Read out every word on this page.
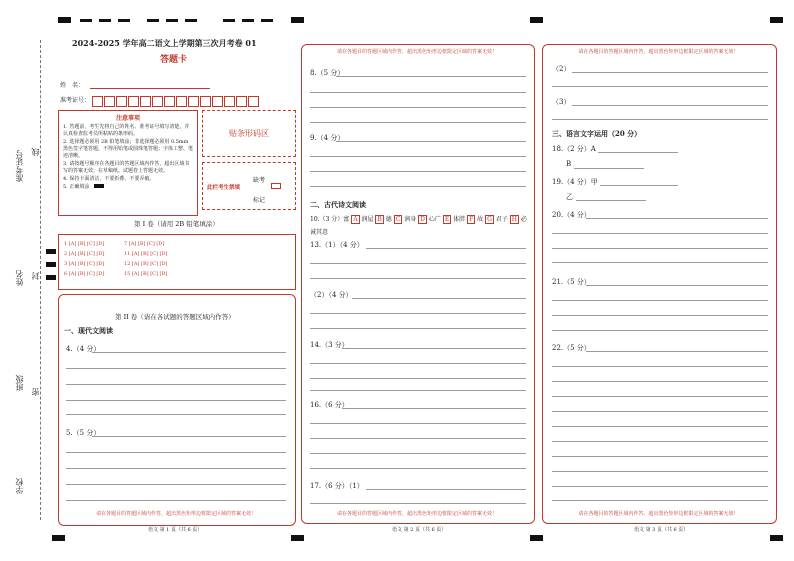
准考证号 线
姓名 封
班级
密
学校
2024-2025 学年高二语文上学期第三次月考卷 01
答题卡
姓　名：
准考证号：
注意事项
1. 答题前，考生先将自己的姓名、准考证号填写清楚，并认真检查监考员所粘贴的条形码。
2. 选择题必须用 2B 铅笔填涂；非选择题必须用 0.5mm 黑色签字笔答题，不得用铅笔或圆珠笔答题；字体工整、笔迹清晰。
3. 请按题号顺序在各题目的答题区域内作答，超出区域书写的答案无效；在草稿纸、试题卷上答题无效。
4. 保持卡面清洁，不要折叠、不要弄破。
5. 正确填涂
贴条形码区
此栏考生禁填
缺考
标记
第 I 卷（请用 2B 铅笔填涂）
1 [A] [B] [C] [D]
2 [A] [B] [C] [D]
3 [A] [B] [C] [D]
6 [A] [B] [C] [D]
7 [A] [B] [C] [D]
11 [A] [B] [C] [D]
12 [A] [B] [C] [D]
15 [A] [B] [C] [D]
第 II 卷（请在各试题的答题区域内作答）
一、现代文阅读
4.（4 分）
5.（5 分）
请在各题目的答题区域内作答，超出黑色矩形边框限定区域的答案无效！
语文 第 1 页（共 6 页）
请在各题目的答题区域内作答，超出黑色矩形边框限定区域的答案无效！
8.（5 分）
9.（4 分）
二、古代诗文阅读
10.（3 分）富 A 润屋 B 德 C 润身 D 心广 E 体胖 F 故 G 君子 H 必
诚其意
13.（1）（4 分）
（2）（4 分）
14.（3 分）
16.（6 分）
17.（6 分）（1）
请在各题目的答题区域内作答，超出黑色矩形边框限定区域的答案无效！
语文 第 2 页（共 6 页）
请在各题目的答题区域内作答，超出黑色矩形边框限定区域的答案无效！
（2）
（3）
三、语言文字运用（20 分）
18.（2 分）A
B
19.（4 分）甲
乙
20.（4 分）
21.（5 分）
22.（5 分）
请在各题目的答题区域内作答，超出黑色矩形边框限定区域的答案无效！
语文 第 3 页（共 6 页）
